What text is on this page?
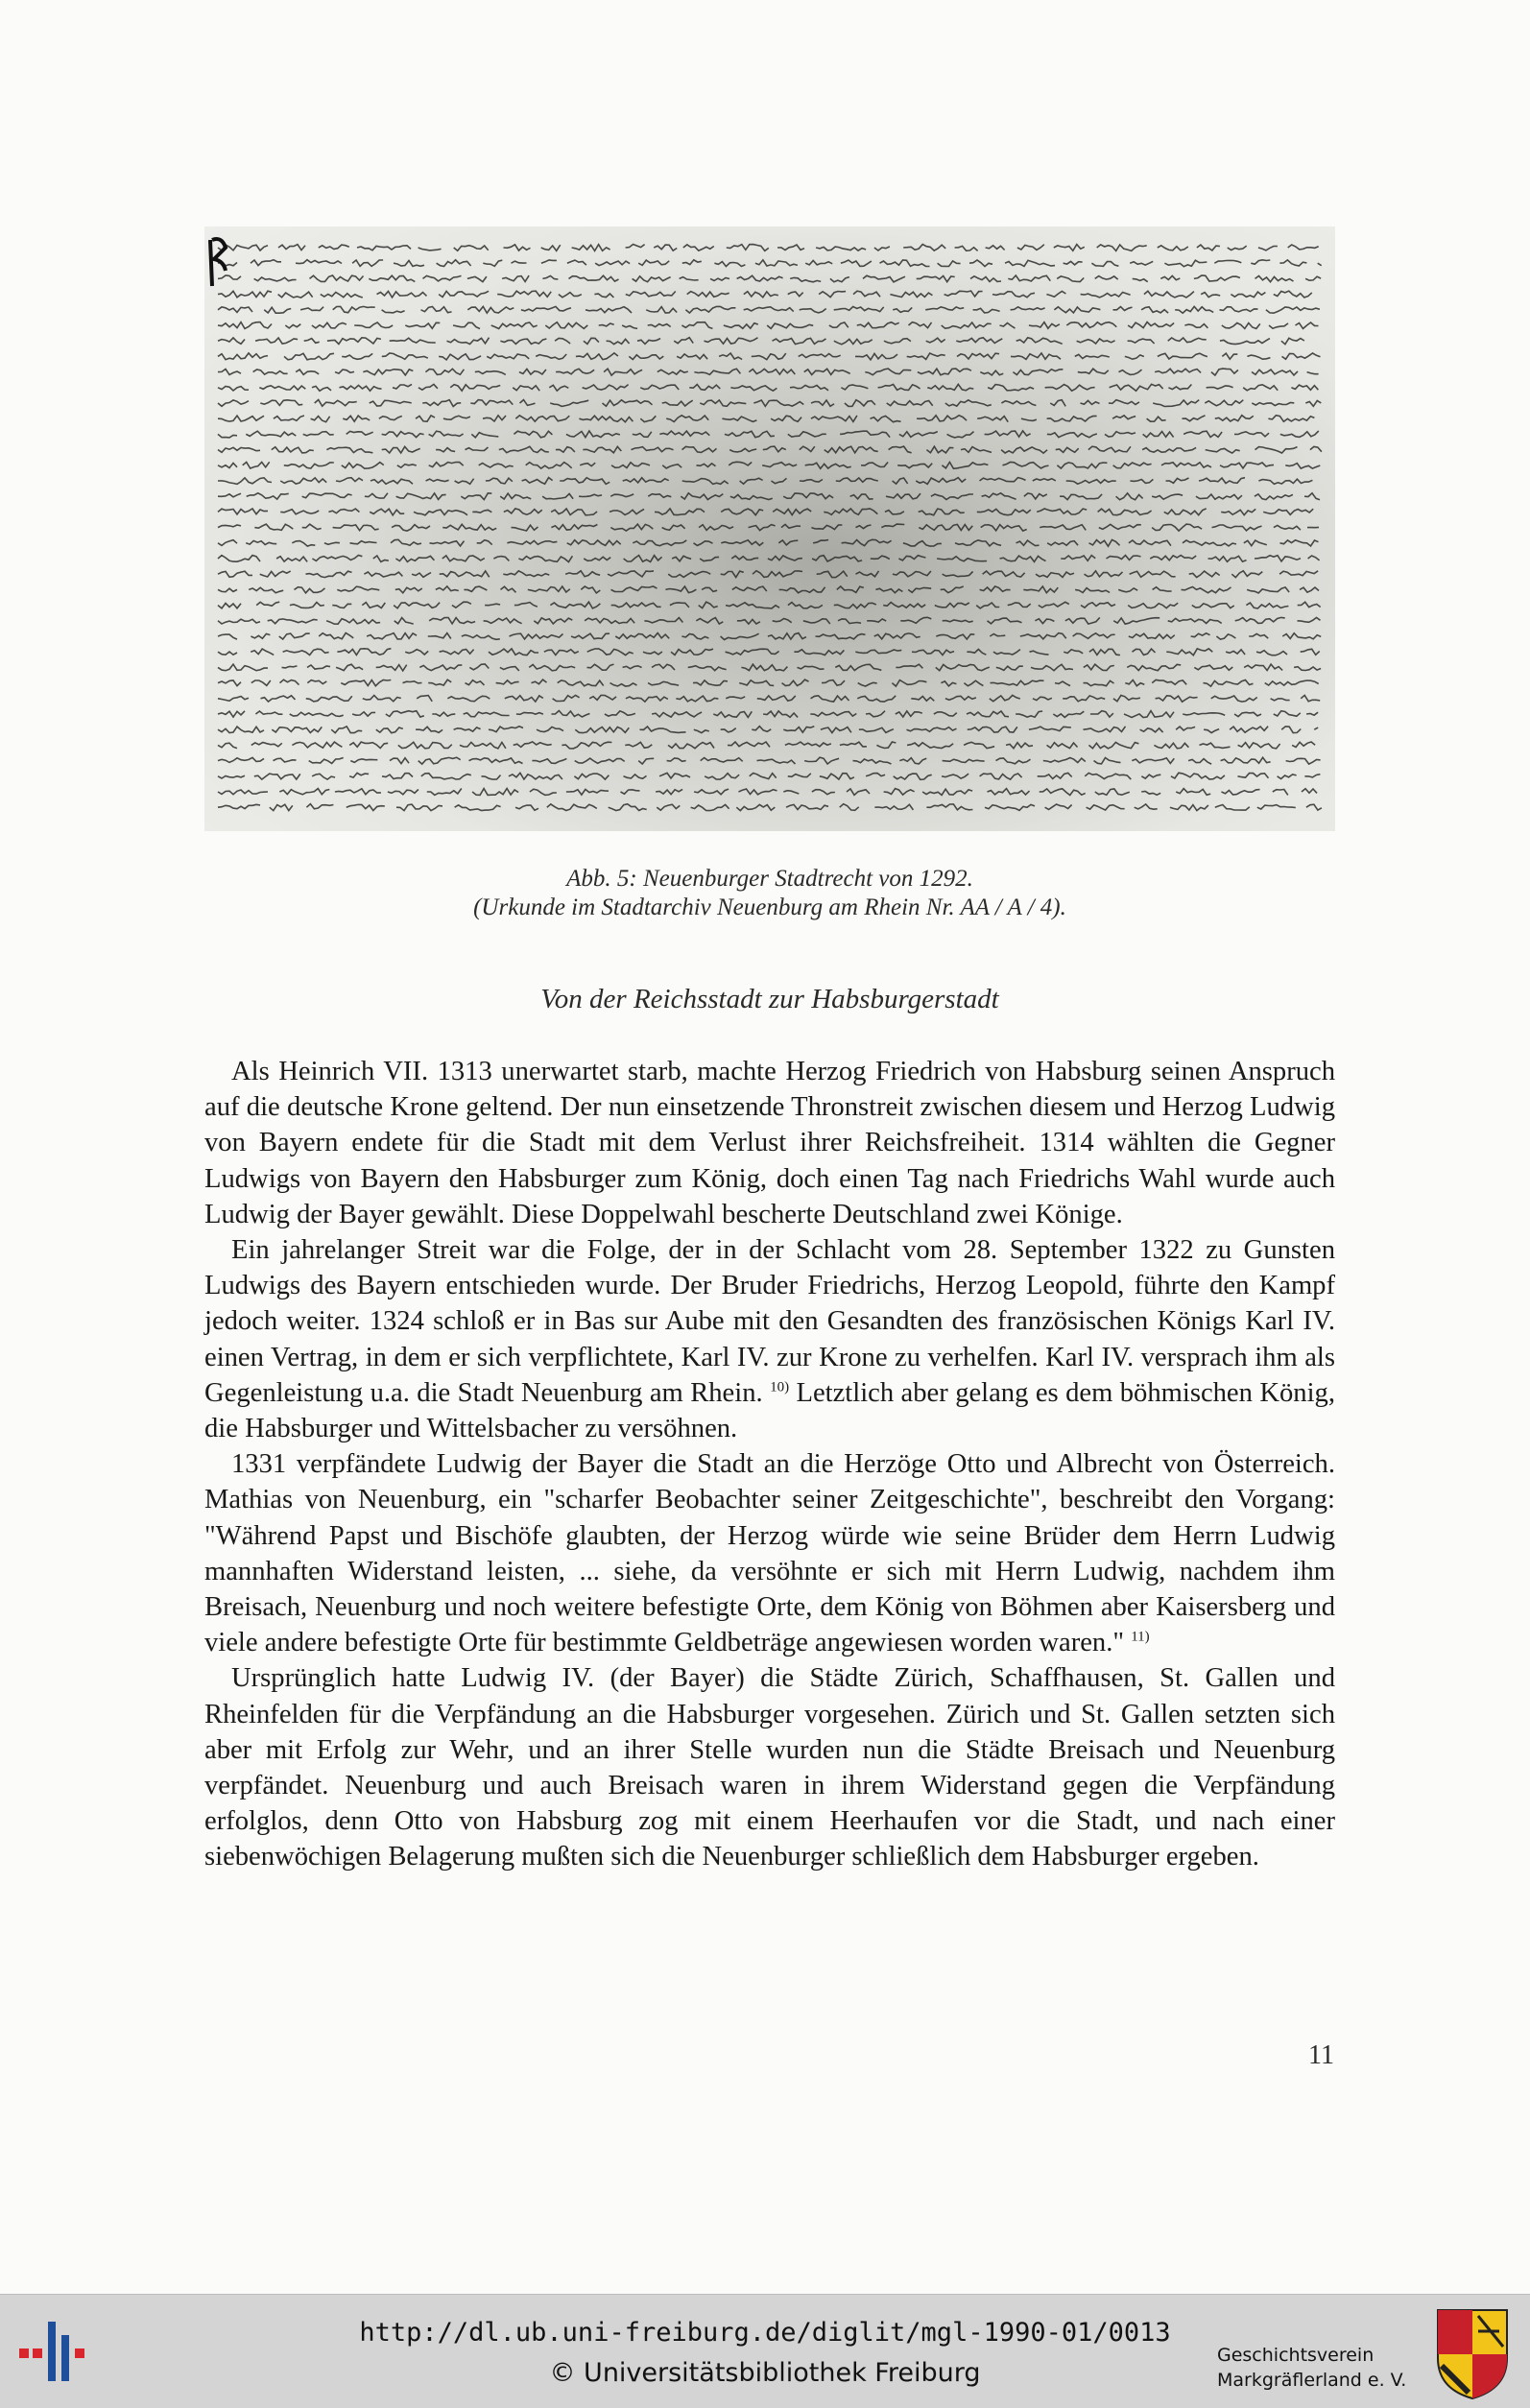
Abb. 5: Neuenburger Stadtrecht von 1292.
(Urkunde im Stadtarchiv Neuenburg am Rhein Nr. AA / A / 4).
Von der Reichsstadt zur Habsburgerstadt

Als Heinrich VII. 1313 unerwartet starb, machte Herzog Friedrich von Habsburg seinen Anspruch auf die deutsche Krone geltend. Der nun einsetzende Thronstreit zwischen diesem und Herzog Ludwig von Bayern endete für die Stadt mit dem Verlust ihrer Reichsfreiheit. 1314 wählten die Gegner Ludwigs von Bayern den Habsburger zum König, doch einen Tag nach Friedrichs Wahl wurde auch Ludwig der Bayer gewählt. Diese Doppelwahl bescherte Deutschland zwei Könige.

Ein jahrelanger Streit war die Folge, der in der Schlacht vom 28. September 1322 zu Gunsten Ludwigs des Bayern entschieden wurde. Der Bruder Friedrichs, Herzog Leopold, führte den Kampf jedoch weiter. 1324 schloß er in Bas sur Aube mit den Gesandten des französischen Königs Karl IV. einen Vertrag, in dem er sich verpflichtete, Karl IV. zur Krone zu verhelfen. Karl IV. versprach ihm als Gegenleistung u.a. die Stadt Neuenburg am Rhein. $^{10)}$ Letztlich aber gelang es dem böhmischen König, die Habsburger und Wittelsbacher zu versöhnen.

1331 verpfändete Ludwig der Bayer die Stadt an die Herzöge Otto und Albrecht von Österreich. Mathias von Neuenburg, ein "scharfer Beobachter seiner Zeitgeschichte", beschreibt den Vorgang: "Während Papst und Bischöfe glaubten, der Herzog würde wie seine Brüder dem Herrn Ludwig mannhaften Widerstand leisten, ... siehe, da versöhnte er sich mit Herrn Ludwig, nachdem ihm Breisach, Neuenburg und noch weitere befestigte Orte, dem König von Böhmen aber Kaisersberg und viele andere befestigte Orte für bestimmte Geldbeträge angewiesen worden waren." $^{11)}$

Ursprünglich hatte Ludwig IV. (der Bayer) die Städte Zürich, Schaffhausen, St. Gallen und Rheinfelden für die Verpfändung an die Habsburger vorgesehen. Zürich und St. Gallen setzten sich aber mit Erfolg zur Wehr, und an ihrer Stelle wurden nun die Städte Breisach und Neuenburg verpfändet. Neuenburg und auch Breisach waren in ihrem Widerstand gegen die Verpfändung erfolglos, denn Otto von Habsburg zog mit einem Heerhaufen vor die Stadt, und nach einer siebenwöchigen Belagerung mußten sich die Neuenburger schließlich dem Habsburger ergeben.

11
http://dl.ub.uni-freiburg.de/diglit/mgl-1990-01/0013
© Universitätsbibliothek Freiburg
Geschichtsverein
Markgräflerland e. V.
